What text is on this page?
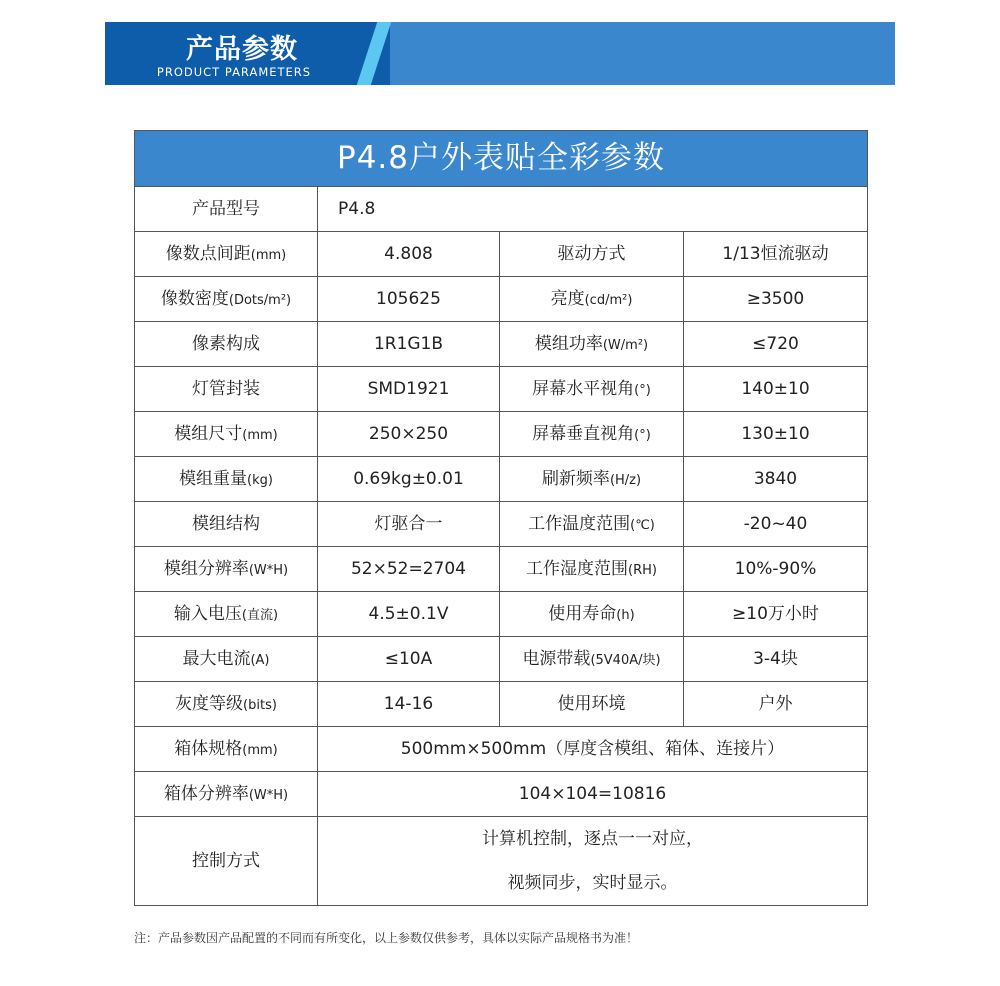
产品参数
PRODUCT PARAMETERS
P4.8户外表贴全彩参数			
产品型号	P4.8		
像数点间距(mm)	4.808	驱动方式	1/13恒流驱动
像数密度(Dots/m²)	105625	亮度(cd/m²)	≥3500
像素构成	1R1G1B	模组功率(W/m²)	≤720
灯管封装	SMD1921	屏幕水平视角(°)	140±10
模组尺寸(mm)	250×250	屏幕垂直视角(°)	130±10
模组重量(kg)	0.69kg±0.01	刷新频率(H/z)	3840
模组结构	灯驱合一	工作温度范围(℃)	-20~40
模组分辨率(W*H)	52×52=2704	工作湿度范围(RH)	10%-90%
输入电压(直流)	4.5±0.1V	使用寿命(h)	≥10万小时
最大电流(A)	≤10A	电源带载(5V40A/块)	3-4块
灰度等级(bits)	14-16	使用环境	户外
箱体规格(mm)	500mm×500mm（厚度含模组、箱体、连接片）		
箱体分辨率(W*H)	104×104=10816		
控制方式	计算机控制，逐点一一对应，
视频同步，实时显示。		
注：产品参数因产品配置的不同而有所变化，以上参数仅供参考，具体以实际产品规格书为准！
